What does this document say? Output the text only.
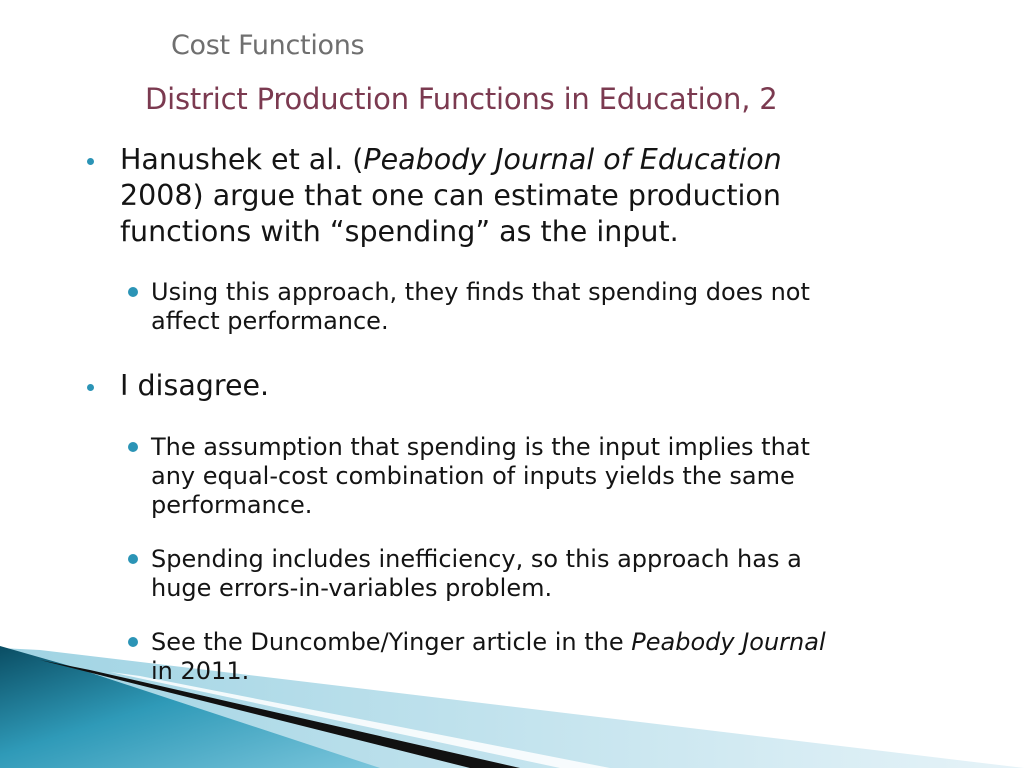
Cost Functions
District Production Functions in Education, 2
Hanushek et al. (Peabody Journal of Education
2008) argue that one can estimate production
functions with “spending” as the input.
Using this approach, they finds that spending does not
affect performance.
I disagree.
The assumption that spending is the input implies that
any equal-cost combination of inputs yields the same
performance.
Spending includes inefficiency, so this approach has a
huge errors-in-variables problem.
See the Duncombe/Yinger article in the Peabody Journal
in 2011.
